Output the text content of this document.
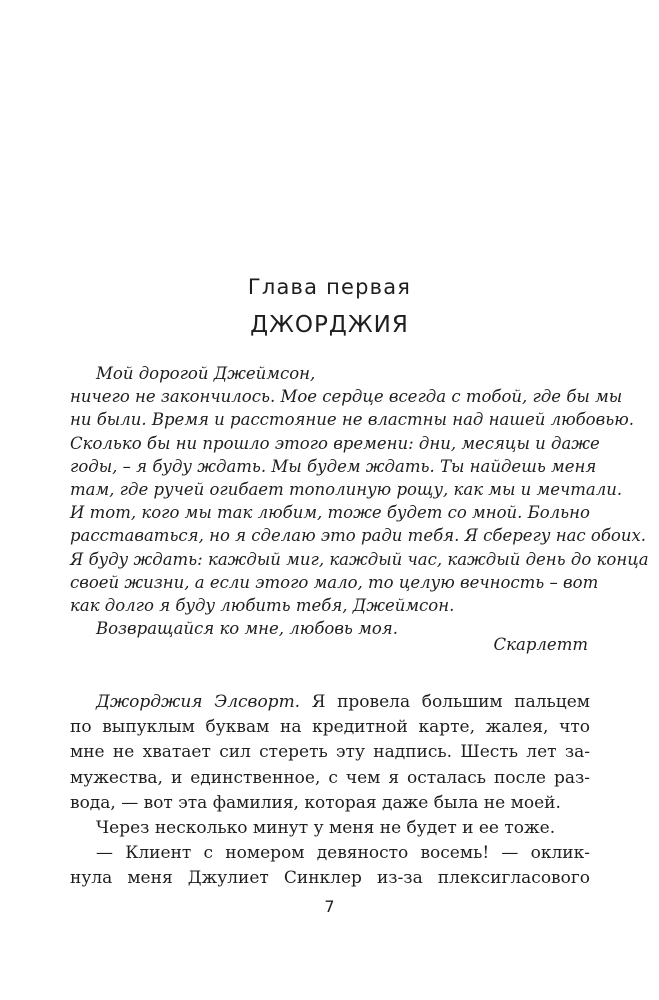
Глава первая
ДЖОРДЖИЯ
Мой дорогой Джеймсон,
ничего не закончилось. Мое сердце всегда с тобой, где бы мы
ни были. Время и расстояние не властны над нашей любовью.
Сколько бы ни прошло этого времени: дни, месяцы и даже
годы, – я буду ждать. Мы будем ждать. Ты найдешь меня
там, где ручей огибает тополиную рощу, как мы и мечтали.
И тот, кого мы так любим, тоже будет со мной. Больно
расставаться, но я сделаю это ради тебя. Я сберегу нас обоих.
Я буду ждать: каждый миг, каждый час, каждый день до конца
своей жизни, а если этого мало, то целую вечность – вот
как долго я буду любить тебя, Джеймсон.
Возвращайся ко мне, любовь моя.
Скарлетт
Джорджия Элсворт. Я провела большим пальцем
по выпуклым буквам на кредитной карте, жалея, что
мне не хватает сил стереть эту надпись. Шесть лет за-
мужества, и единственное, с чем я осталась после раз-
вода, — вот эта фамилия, которая даже была не моей.
Через несколько минут у меня не будет и ее тоже.
— Клиент с номером девяносто восемь! — оклик-
нула меня Джулиет Синклер из-за плексигласового
7
